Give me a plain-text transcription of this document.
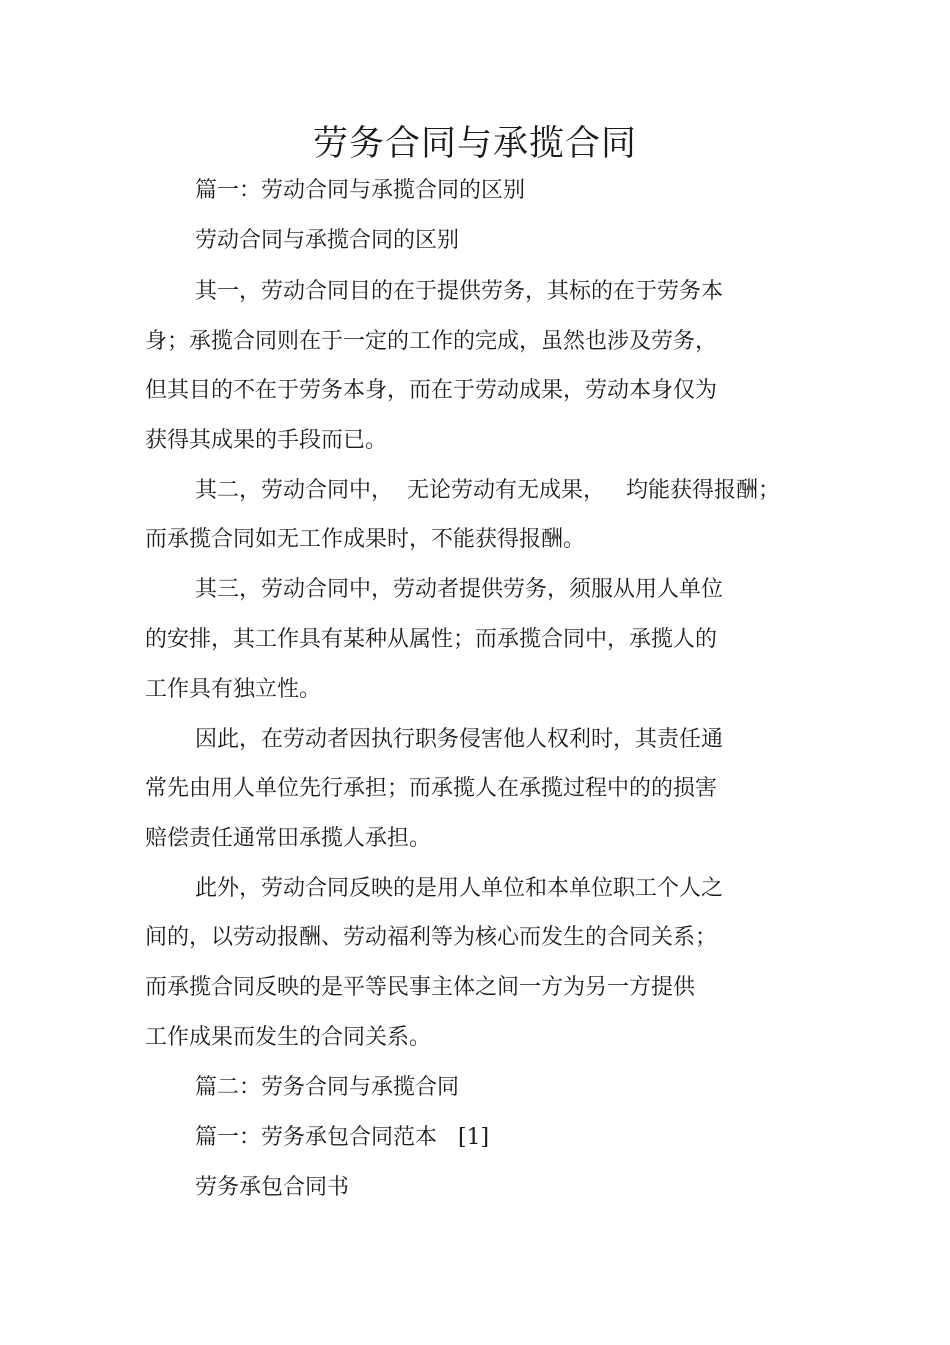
劳务合同与承揽合同

篇一：劳动合同与承揽合同的区别

劳动合同与承揽合同的区别

其一，劳动合同目的在于提供劳务，其标的在于劳务本

身；承揽合同则在于一定的工作的完成，虽然也涉及劳务，

但其目的不在于劳务本身，而在于劳动成果，劳动本身仅为

获得其成果的手段而已。

其二，劳动合同中，  无论劳动有无成果，   均能获得报酬；

而承揽合同如无工作成果时，不能获得报酬。

其三，劳动合同中，劳动者提供劳务，须服从用人单位

的安排，其工作具有某种从属性；而承揽合同中，承揽人的

工作具有独立性。

因此，在劳动者因执行职务侵害他人权利时，其责任通

常先由用人单位先行承担；而承揽人在承揽过程中的的损害

赔偿责任通常田承揽人承担。

此外，劳动合同反映的是用人单位和本单位职工个人之

间的，以劳动报酬、劳动福利等为核心而发生的合同关系；

而承揽合同反映的是平等民事主体之间一方为另一方提供

工作成果而发生的合同关系。

篇二：劳务合同与承揽合同

篇一：劳务承包合同范本   [1]

劳务承包合同书
